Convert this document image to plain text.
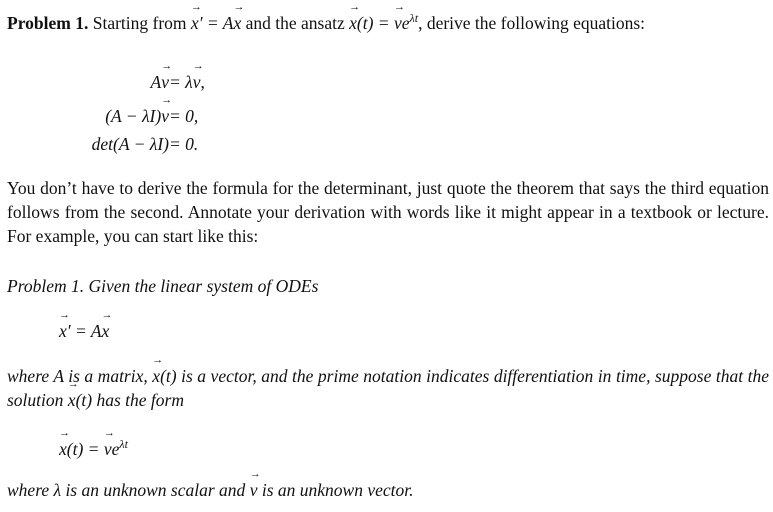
Problem 1. Starting from → x′ = A→ x and the ansatz → x(t) = → $ve^{\lambda t}$, derive the following equations:
A→ v = λ→ v,
(A − λI)→ v = 0,
det(A − λI) = 0.
You don’t have to derive the formula for the determinant, just quote the theorem that says the third equation follows from the second. Annotate your derivation with words like it might appear in a textbook or lecture. For example, you can start like this:
Problem 1. Given the linear system of ODEs
→ x′ = A→ x
where A is a matrix, → x(t) is a vector, and the prime notation indicates differentiation in time, suppose that the solution → x(t) has the form
→ x(t) = → $ve^{\lambda t}$
where λ is an unknown scalar and → v is an unknown vector.
